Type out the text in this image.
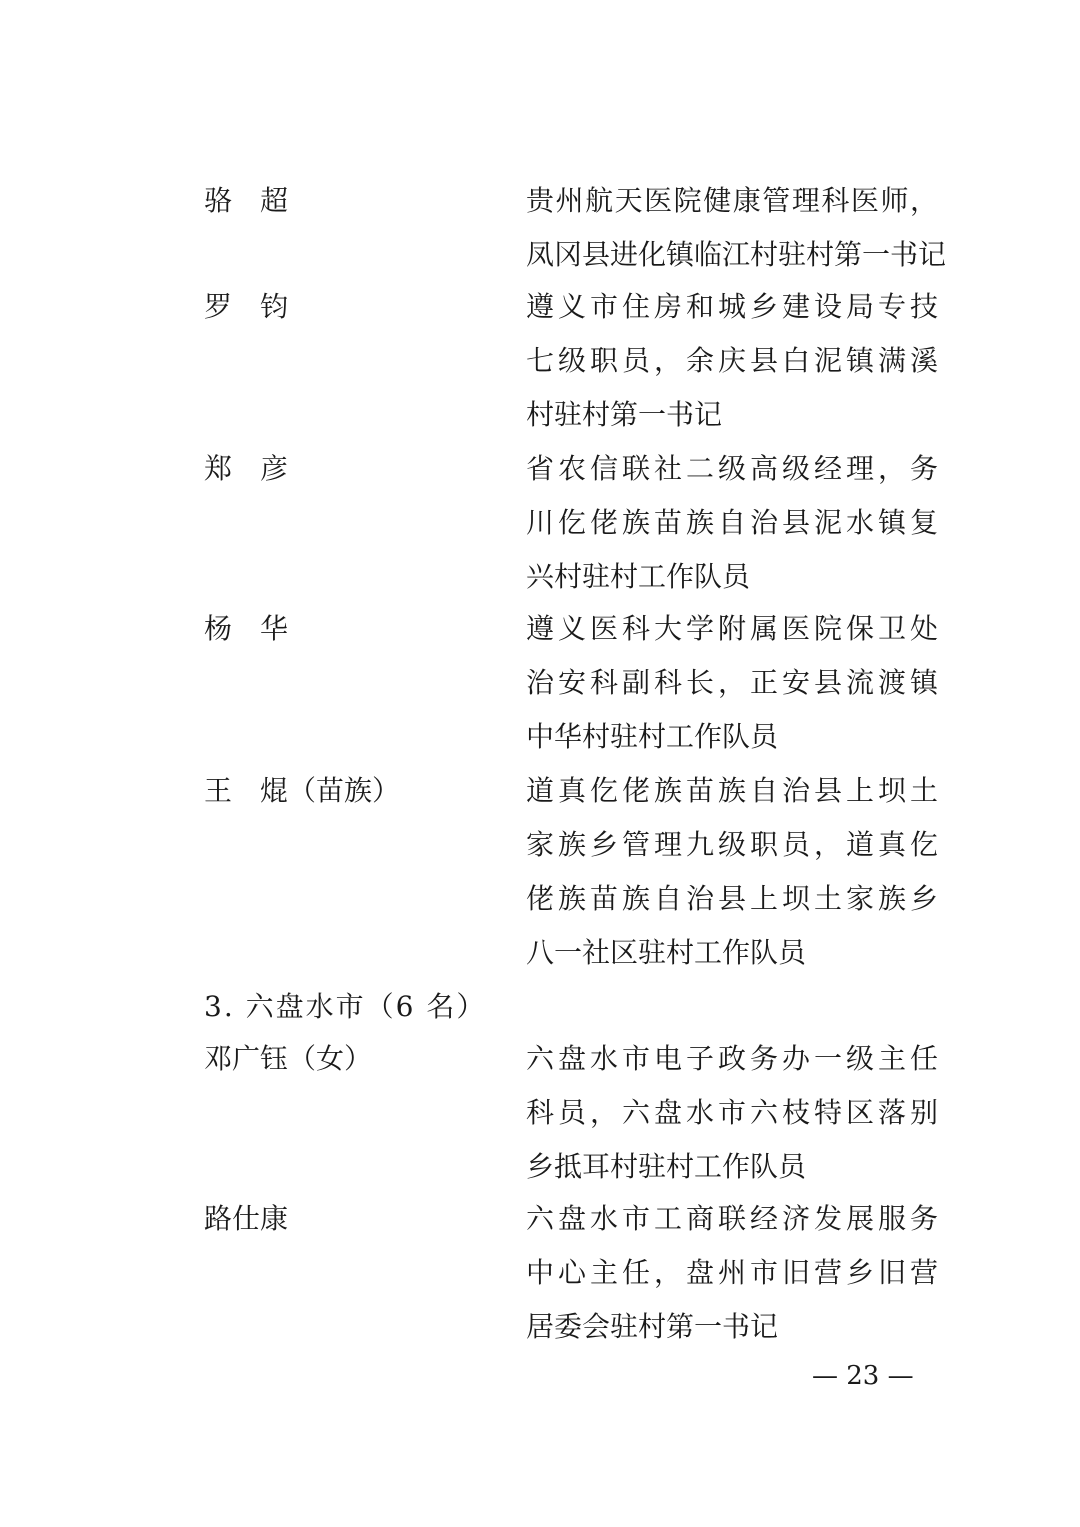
骆　超	贵州航天医院健康管理科医师，
凤冈县进化镇临江村驻村第一书记
罗　钧	遵义市住房和城乡建设局专技
七级职员，余庆县白泥镇满溪
村驻村第一书记
郑　彦	省农信联社二级高级经理，务
川仡佬族苗族自治县泥水镇复
兴村驻村工作队员
杨　华	遵义医科大学附属医院保卫处
治安科副科长，正安县流渡镇
中华村驻村工作队员
王　焜（苗族）	道真仡佬族苗族自治县上坝土
家族乡管理九级职员，道真仡
佬族苗族自治县上坝土家族乡
八一社区驻村工作队员
3. 六盘水市（6 名）
邓广钰（女）	六盘水市电子政务办一级主任
科员，六盘水市六枝特区落别
乡抵耳村驻村工作队员
路仕康	六盘水市工商联经济发展服务
中心主任，盘州市旧营乡旧营
居委会驻村第一书记
— 23 —
